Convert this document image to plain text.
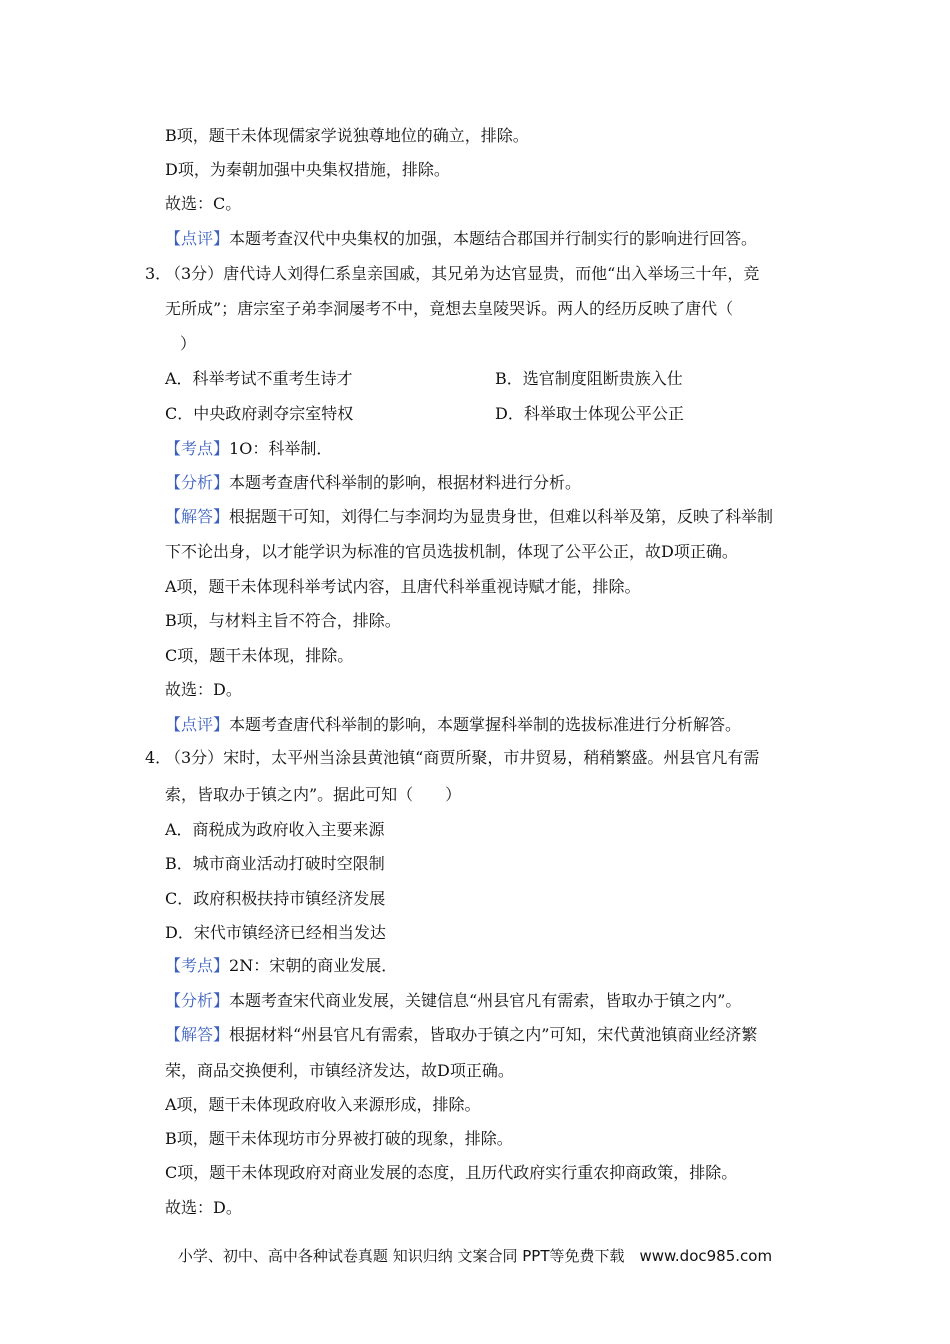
B项，题干未体现儒家学说独尊地位的确立，排除。
D项，为秦朝加强中央集权措施，排除。
故选：C。
【点评】本题考查汉代中央集权的加强，本题结合郡国并行制实行的影响进行回答。
3．
（3分）唐代诗人刘得仁系皇亲国戚，其兄弟为达官显贵，而他“出入举场三十年，竞
无所成”；唐宗室子弟李洞屡考不中，竟想去皇陵哭诉。两人的经历反映了唐代（
）
A．科举考试不重考生诗才	B．选官制度阻断贵族入仕
C．中央政府剥夺宗室特权	D．科举取士体现公平公正
【考点】1O：科举制．
【分析】本题考查唐代科举制的影响，根据材料进行分析。
【解答】根据题干可知，刘得仁与李洞均为显贵身世，但难以科举及第，反映了科举制
下不论出身，以才能学识为标准的官员选拔机制，体现了公平公正，故D项正确。
A项，题干未体现科举考试内容，且唐代科举重视诗赋才能，排除。
B项，与材料主旨不符合，排除。
C项，题干未体现，排除。
故选：D。
【点评】本题考查唐代科举制的影响，本题掌握科举制的选拔标准进行分析解答。
4．
（3分）宋时，太平州当涂县黄池镇“商贾所聚，市井贸易，稍稍繁盛。州县官凡有需
索，皆取办于镇之内”。据此可知（　　）
A．商税成为政府收入主要来源
B．城市商业活动打破时空限制
C．政府积极扶持市镇经济发展
D．宋代市镇经济已经相当发达
【考点】2N：宋朝的商业发展．
【分析】本题考查宋代商业发展，关键信息“州县官凡有需索，皆取办于镇之内”。
【解答】根据材料“州县官凡有需索，皆取办于镇之内”可知，宋代黄池镇商业经济繁
荣，商品交换便利，市镇经济发达，故D项正确。
A项，题干未体现政府收入来源形成，排除。
B项，题干未体现坊市分界被打破的现象，排除。
C项，题干未体现政府对商业发展的态度，且历代政府实行重农抑商政策，排除。
故选：D。
小学、初中、高中各种试卷真题 知识归纳 文案合同 PPT等免费下载　www.doc985.com
